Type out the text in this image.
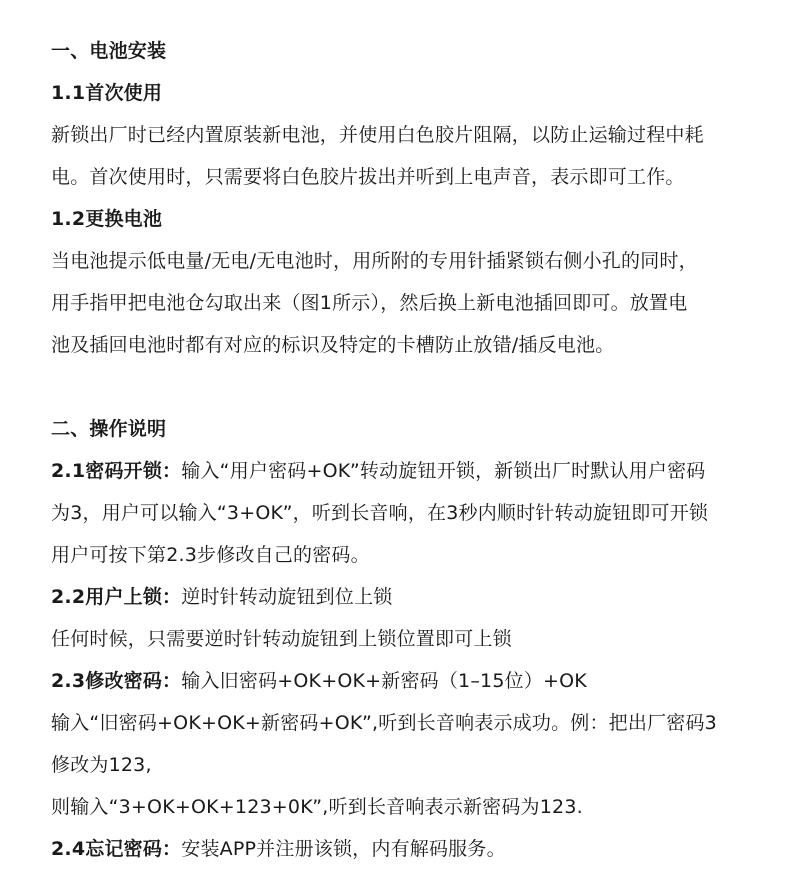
一、电池安装
1.1首次使用
新锁出厂时已经内置原装新电池，并使用白色胶片阻隔，以防止运输过程中耗
电。首次使用时，只需要将白色胶片拔出并听到上电声音，表示即可工作。
1.2更换电池
当电池提示低电量/无电/无电池时，用所附的专用针插紧锁右侧小孔的同时，
用手指甲把电池仓勾取出来（图1所示），然后换上新电池插回即可。放置电
池及插回电池时都有对应的标识及特定的卡槽防止放错/插反电池。
二、操作说明
2.1密码开锁：输入“用户密码+OK”转动旋钮开锁，新锁出厂时默认用户密码
为3，用户可以输入“3+OK”，听到长音响，在3秒内顺时针转动旋钮即可开锁
用户可按下第2.3步修改自己的密码。
2.2用户上锁：逆时针转动旋钮到位上锁
任何时候，只需要逆时针转动旋钮到上锁位置即可上锁
2.3修改密码：输入旧密码+OK+OK+新密码（1–15位）+OK
输入“旧密码+OK+OK+新密码+OK”,听到长音响表示成功。例：把出厂密码3
修改为123,
则输入“3+OK+OK+123+0K”,听到长音响表示新密码为123.
2.4忘记密码：安装APP并注册该锁，内有解码服务。
